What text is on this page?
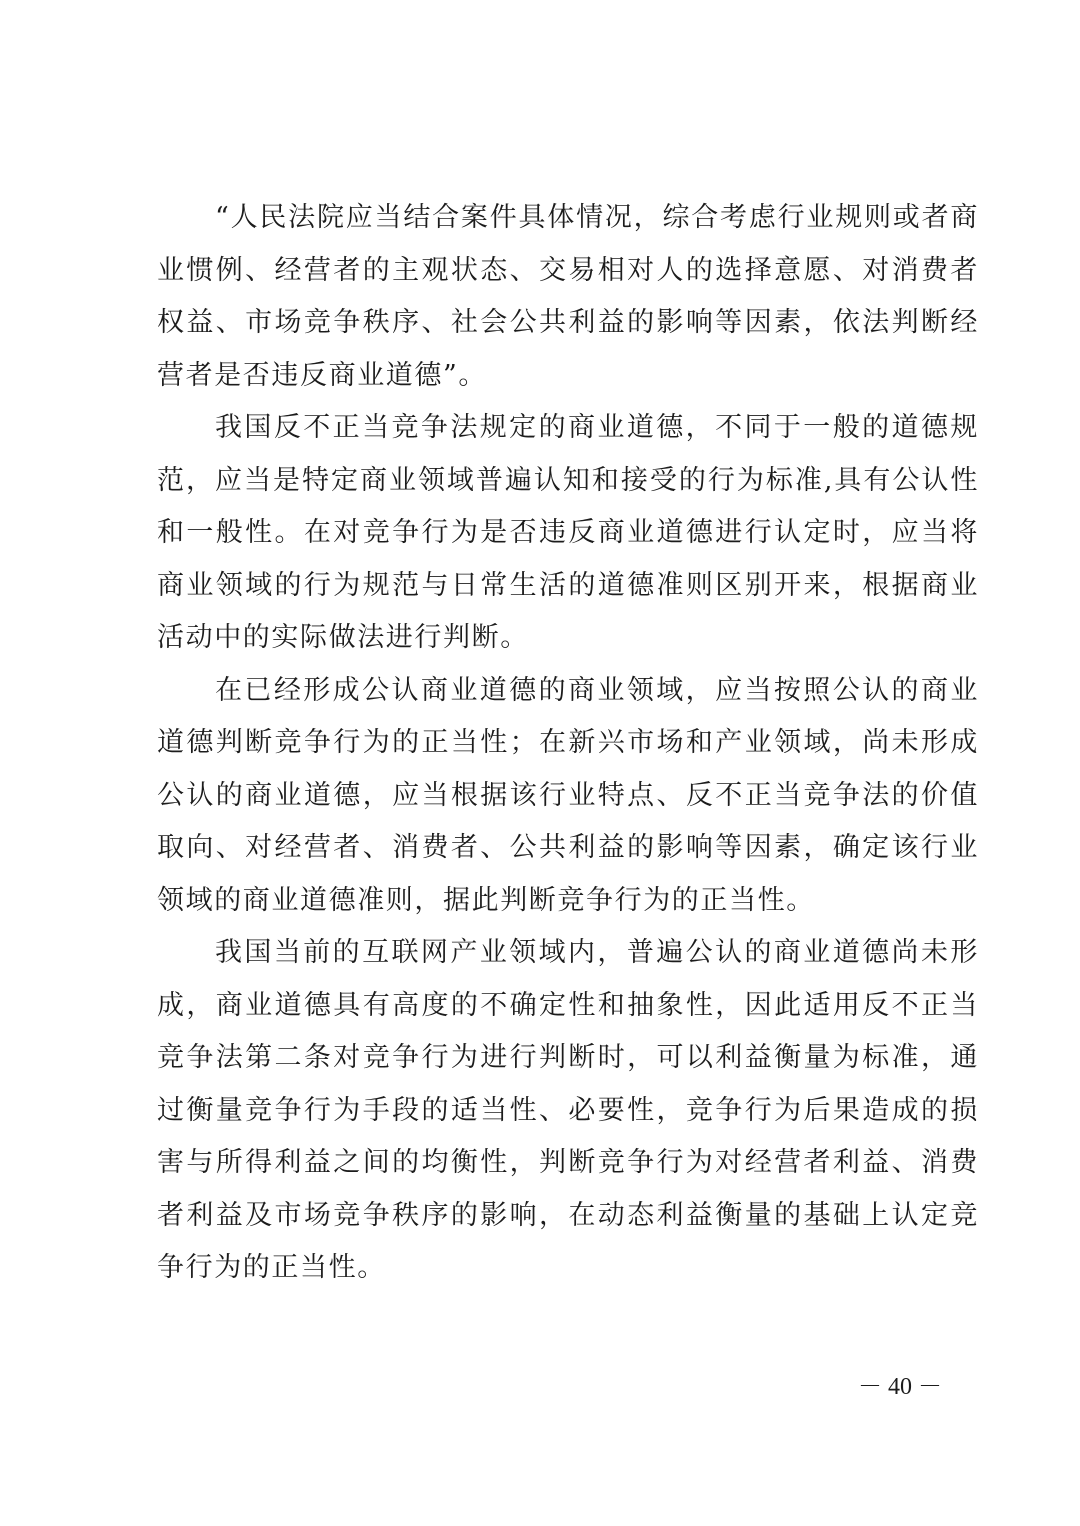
“人民法院应当结合案件具体情况，综合考虑行业规则或者商业惯例、经营者的主观状态、交易相对人的选择意愿、对消费者权益、市场竞争秩序、社会公共利益的影响等因素，依法判断经营者是否违反商业道德”。

我国反不正当竞争法规定的商业道德，不同于一般的道德规范，应当是特定商业领域普遍认知和接受的行为标准,具有公认性和一般性。在对竞争行为是否违反商业道德进行认定时，应当将商业领域的行为规范与日常生活的道德准则区别开来，根据商业活动中的实际做法进行判断。

在已经形成公认商业道德的商业领域，应当按照公认的商业道德判断竞争行为的正当性；在新兴市场和产业领域，尚未形成公认的商业道德，应当根据该行业特点、反不正当竞争法的价值取向、对经营者、消费者、公共利益的影响等因素，确定该行业领域的商业道德准则，据此判断竞争行为的正当性。

我国当前的互联网产业领域内，普遍公认的商业道德尚未形成，商业道德具有高度的不确定性和抽象性，因此适用反不正当竞争法第二条对竞争行为进行判断时，可以利益衡量为标准，通过衡量竞争行为手段的适当性、必要性，竞争行为后果造成的损害与所得利益之间的均衡性，判断竞争行为对经营者利益、消费者利益及市场竞争秩序的影响，在动态利益衡量的基础上认定竞争行为的正当性。

－ 40 －
